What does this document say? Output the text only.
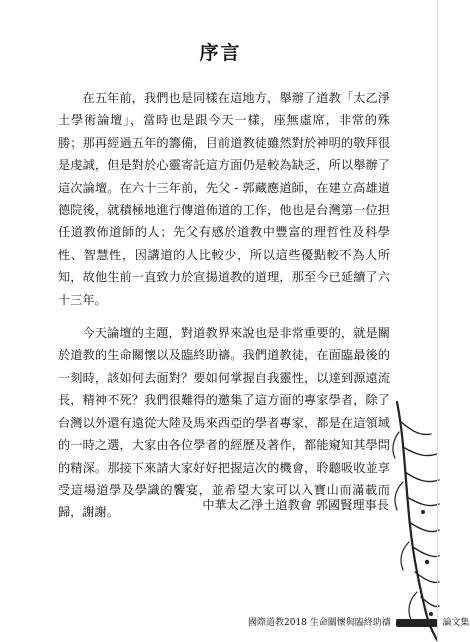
序言

在五年前，我們也是同樣在這地方，舉辦了道教「太乙淨土學術論壇」，當時也是跟今天一樣，座無虛席，非常的殊勝；那再經過五年的籌備，目前道教徒雖然對於神明的敬拜很是虔誠，但是對於心靈寄託這方面仍是較為缺乏，所以舉辦了這次論壇。在六十三年前，先父 - 郭藏應道師，在建立高雄道德院後，就積極地進行傳道佈道的工作，他也是台灣第一位担任道教佈道師的人；先父有感於道教中豐富的理哲性及科學性、智慧性，因講道的人比較少，所以這些優點較不為人所知，故他生前一直致力於宣揚道教的道理，那至今已延續了六十三年。

今天論壇的主題，對道教界來說也是非常重要的，就是關於道教的生命關懷以及臨終助禱。我們道教徒，在面臨最後的一刻時，該如何去面對？要如何掌握自我靈性，以達到源遠流長，精神不死？我們很難得的邀集了這方面的專家學者，除了台灣以外還有遠從大陸及馬來西亞的學者專家，都是在這領域的一時之選，大家由各位學者的經歷及著作，都能窺知其學問的精深。那接下來請大家好好把握這次的機會，聆聽吸收並享受這場道學及學識的饗宴，並希望大家可以入寶山而滿載而歸，謝謝。

中華太乙淨土道教會 郭國賢理事長
國際道教2018 生命關懷與臨終助禱	論文集
